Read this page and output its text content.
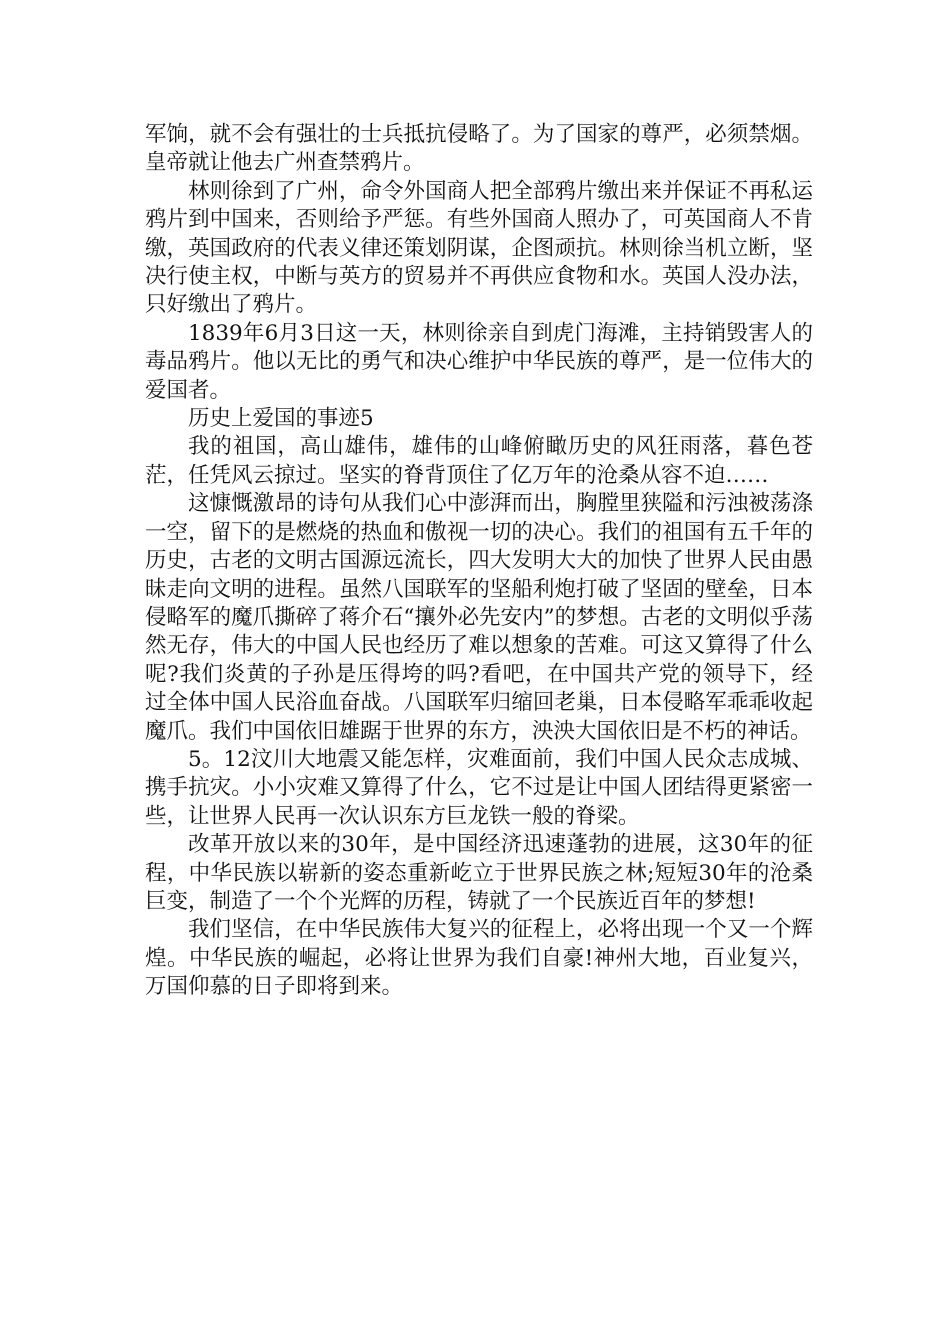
军饷，就不会有强壮的士兵抵抗侵略了。为了国家的尊严，必须禁烟。皇帝就让他去广州查禁鸦片。

林则徐到了广州，命令外国商人把全部鸦片缴出来并保证不再私运鸦片到中国来，否则给予严惩。有些外国商人照办了，可英国商人不肯缴，英国政府的代表义律还策划阴谋，企图顽抗。林则徐当机立断，坚决行使主权，中断与英方的贸易并不再供应食物和水。英国人没办法，只好缴出了鸦片。

1839年6月3日这一天，林则徐亲自到虎门海滩，主持销毁害人的毒品鸦片。他以无比的勇气和决心维护中华民族的尊严，是一位伟大的爱国者。

历史上爱国的事迹5

我的祖国，高山雄伟，雄伟的山峰俯瞰历史的风狂雨落，暮色苍茫，任凭风云掠过。坚实的脊背顶住了亿万年的沧桑从容不迫……

这慷慨激昂的诗句从我们心中澎湃而出，胸膛里狭隘和污浊被荡涤一空，留下的是燃烧的热血和傲视一切的决心。我们的祖国有五千年的历史，古老的文明古国源远流长，四大发明大大的加快了世界人民由愚昧走向文明的进程。虽然八国联军的坚船利炮打破了坚固的壁垒，日本侵略军的魔爪撕碎了蒋介石“攘外必先安内”的梦想。古老的文明似乎荡然无存，伟大的中国人民也经历了难以想象的苦难。可这又算得了什么呢?我们炎黄的子孙是压得垮的吗?看吧，在中国共产党的领导下，经过全体中国人民浴血奋战。八国联军归缩回老巢，日本侵略军乖乖收起魔爪。我们中国依旧雄踞于世界的东方，泱泱大国依旧是不朽的神话。

5。12汶川大地震又能怎样，灾难面前，我们中国人民众志成城、携手抗灾。小小灾难又算得了什么，它不过是让中国人团结得更紧密一些，让世界人民再一次认识东方巨龙铁一般的脊梁。

改革开放以来的30年，是中国经济迅速蓬勃的进展，这30年的征程，中华民族以崭新的姿态重新屹立于世界民族之林;短短30年的沧桑巨变，制造了一个个光辉的历程，铸就了一个民族近百年的梦想!

我们坚信，在中华民族伟大复兴的征程上，必将出现一个又一个辉煌。中华民族的崛起，必将让世界为我们自豪!神州大地，百业复兴，万国仰慕的日子即将到来。
